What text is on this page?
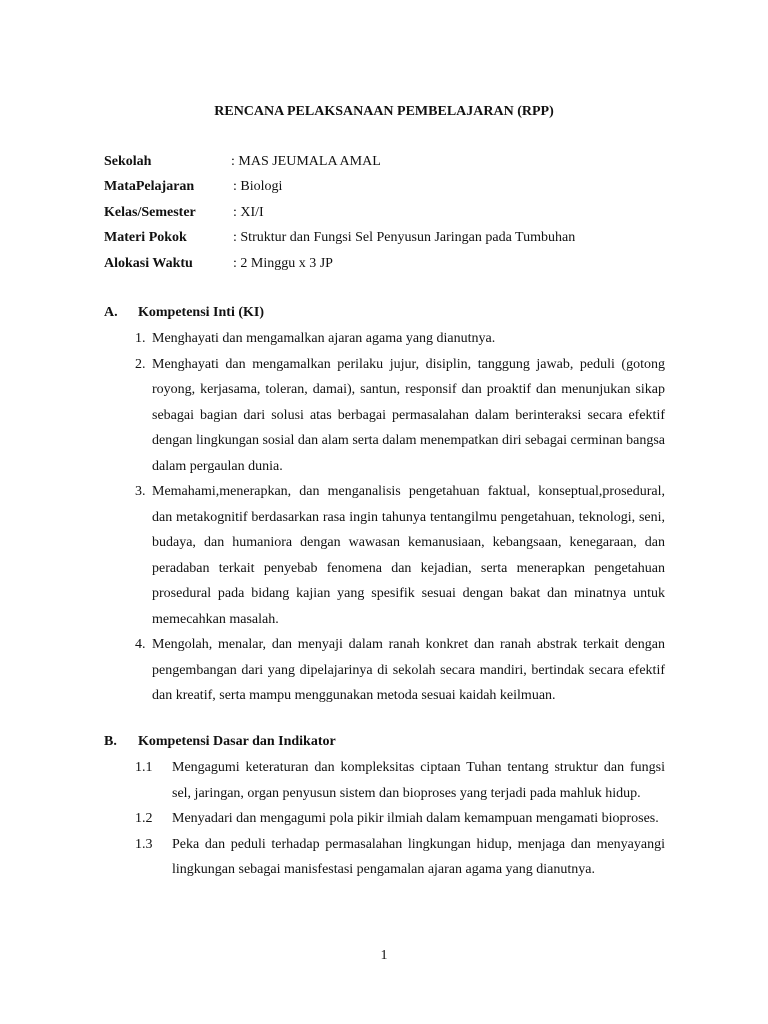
RENCANA PELAKSANAAN PEMBELAJARAN (RPP)
Sekolah	: MAS JEUMALA AMAL
MataPelajaran	: Biologi
Kelas/Semester	: XI/I
Materi Pokok	: Struktur dan Fungsi Sel Penyusun Jaringan pada Tumbuhan
Alokasi Waktu	: 2 Minggu x 3 JP
A. Kompetensi Inti (KI)
1. Menghayati dan mengamalkan ajaran agama yang dianutnya.
2. Menghayati dan mengamalkan perilaku jujur, disiplin, tanggung jawab, peduli (gotong royong, kerjasama, toleran, damai), santun, responsif dan proaktif dan menunjukan sikap sebagai bagian dari solusi atas berbagai permasalahan dalam berinteraksi secara efektif dengan lingkungan sosial dan alam serta dalam menempatkan diri sebagai cerminan bangsa dalam pergaulan dunia.
3. Memahami,menerapkan, dan menganalisis pengetahuan faktual, konseptual,prosedural, dan metakognitif berdasarkan rasa ingin tahunya tentangilmu pengetahuan, teknologi, seni, budaya, dan humaniora dengan wawasan kemanusiaan, kebangsaan, kenegaraan, dan peradaban terkait penyebab fenomena dan kejadian, serta menerapkan pengetahuan prosedural pada bidang kajian yang spesifik sesuai dengan bakat dan minatnya untuk memecahkan masalah.
4. Mengolah, menalar, dan menyaji dalam ranah konkret dan ranah abstrak terkait dengan pengembangan dari yang dipelajarinya di sekolah secara mandiri, bertindak secara efektif dan kreatif, serta mampu menggunakan metoda sesuai kaidah keilmuan.
B. Kompetensi Dasar dan Indikator
1.1 Mengagumi keteraturan dan kompleksitas ciptaan Tuhan tentang struktur dan fungsi sel, jaringan, organ penyusun sistem dan bioproses yang terjadi pada mahluk hidup.
1.2 Menyadari dan mengagumi pola pikir ilmiah dalam kemampuan mengamati bioproses.
1.3 Peka dan peduli terhadap permasalahan lingkungan hidup, menjaga dan menyayangi lingkungan sebagai manisfestasi pengamalan ajaran agama yang dianutnya.
1
